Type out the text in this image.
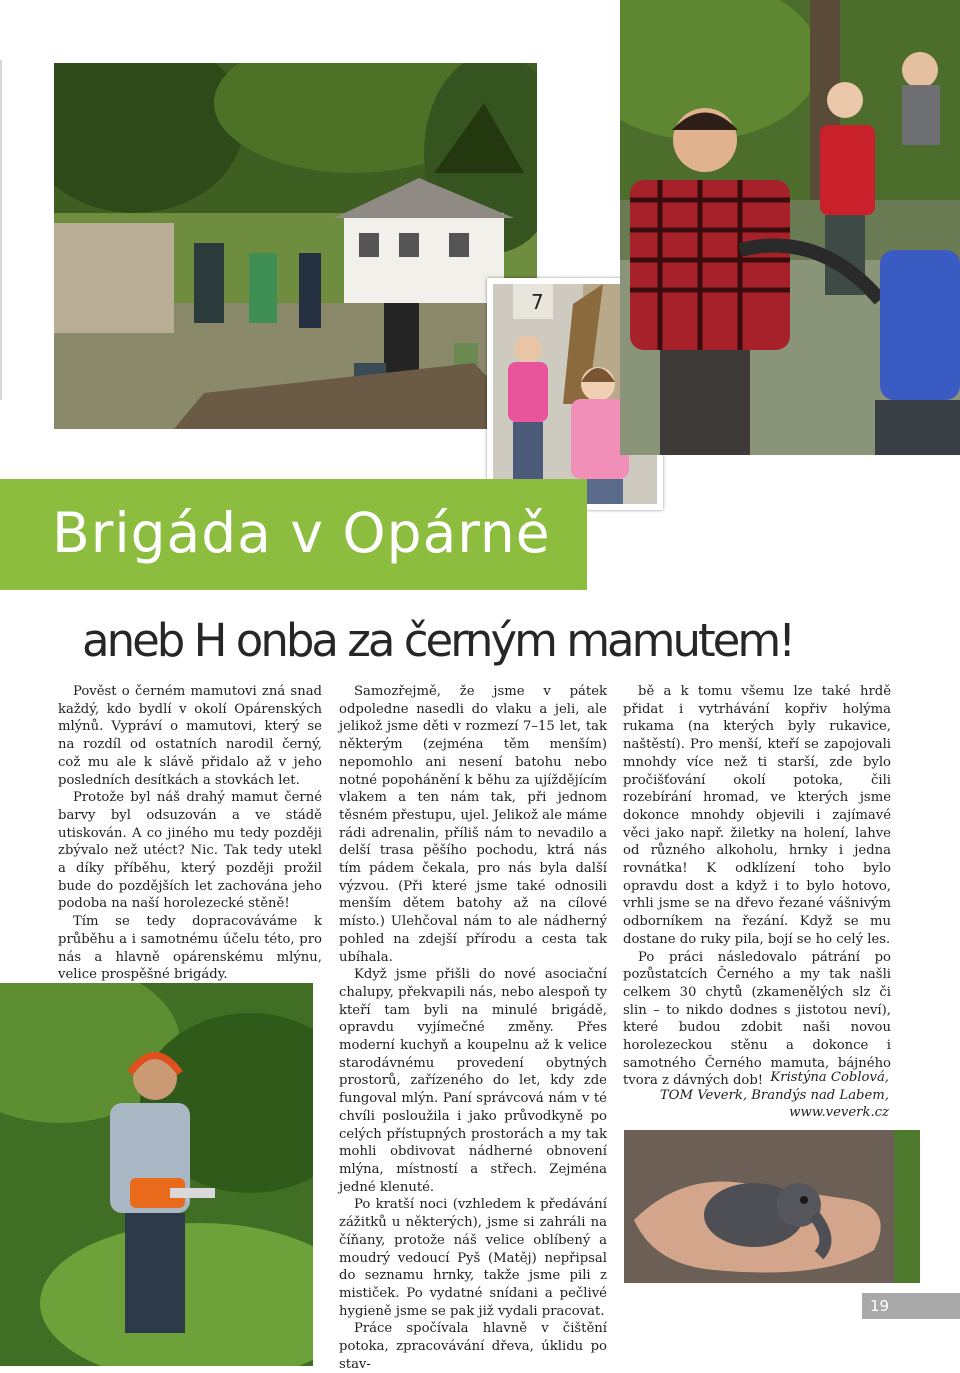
7
Brigáda v Opárně
aneb H onba za černým mamutem!

Pověst o černém mamutovi zná snad každý, kdo bydlí v okolí Opárenských mlýnů. Vypráví o mamutovi, který se na rozdíl od ostatních narodil černý, což mu ale k slávě přidalo až v jeho posledních desítkách a stovkách let.

Protože byl náš drahý mamut černé barvy byl odsuzován a ve stádě utiskován. A co jiného mu tedy později zbývalo než utéct? Nic. Tak tedy utekl a díky příběhu, který později prožil bude do pozdějších let zachována jeho podoba na naší horolezecké stěně!

Tím se tedy dopracováváme k průběhu a i samotnému účelu této, pro nás a hlavně opárenskému mlýnu, velice prospěšné brigády.

Samozřejmě, že jsme v pátek odpoledne nasedli do vlaku a jeli, ale jelikož jsme děti v rozmezí 7–15 let, tak některým (zejména těm menším) nepomohlo ani nesení batohu nebo notné popohánění k běhu za ujíždějícím vlakem a ten nám tak, při jednom těsném přestupu, ujel. Jelikož ale máme rádi adrenalin, příliš nám to nevadilo a delší trasa pěšího pochodu, ktrá nás tím pádem čekala, pro nás byla další výzvou. (Při které jsme také odnosili menším dětem batohy až na cílové místo.) Ulehčoval nám to ale nádherný pohled na zdejší přírodu a cesta tak ubíhala.

Když jsme přišli do nové asociační chalupy, překvapili nás, nebo alespoň ty kteří tam byli na minulé brigádě, opravdu vyjímečné změny. Přes moderní kuchyň a koupelnu až k velice starodávnému provedení obytných prostorů, zařízeného do let, kdy zde fungoval mlýn. Paní správcová nám v té chvíli posloužila i jako průvodkyně po celých přístupných prostorách a my tak mohli obdivovat nádherné obnovení mlýna, místností a střech. Zejména jedné klenuté.

Po kratší noci (vzhledem k předávání zážitků u některých), jsme si zahráli na číňany, protože náš velice oblíbený a moudrý vedoucí Pyš (Matěj) nepřipsal do seznamu hrnky, takže jsme pili z mističek. Po vydatné snídani a pečlivé hygieně jsme se pak již vydali pracovat.

Práce spočívala hlavně v čištění potoka, zpracovávání dřeva, úklidu po stav-

bě a k tomu všemu lze také hrdě přidat i vytrhávání kopřiv holýma rukama (na kterých byly rukavice, naštěstí). Pro menší, kteří se zapojovali mnohdy více než ti starší, zde bylo pročišťování okolí potoka, čili rozebírání hromad, ve kterých jsme dokonce mnohdy objevili i zajímavé věci jako např. žiletky na holení, lahve od různého alkoholu, hrnky i jedna rovnátka! K odklízení toho bylo opravdu dost a když i to bylo hotovo, vrhli jsme se na dřevo řezané vášnivým odborníkem na řezání. Když se mu dostane do ruky pila, bojí se ho celý les.

Po práci následovalo pátrání po pozůstatcích Černého a my tak našli celkem 30 chytů (zkamenělých slz či slin – to nikdo dodnes s jistotou neví), které budou zdobit naši novou horolezeckou stěnu a dokonce i samotného Černého mamuta, bájného tvora z dávných dob! Kristýna Coblová,
TOM Veverk, Brandýs nad Labem,
www.veverk.cz
19
